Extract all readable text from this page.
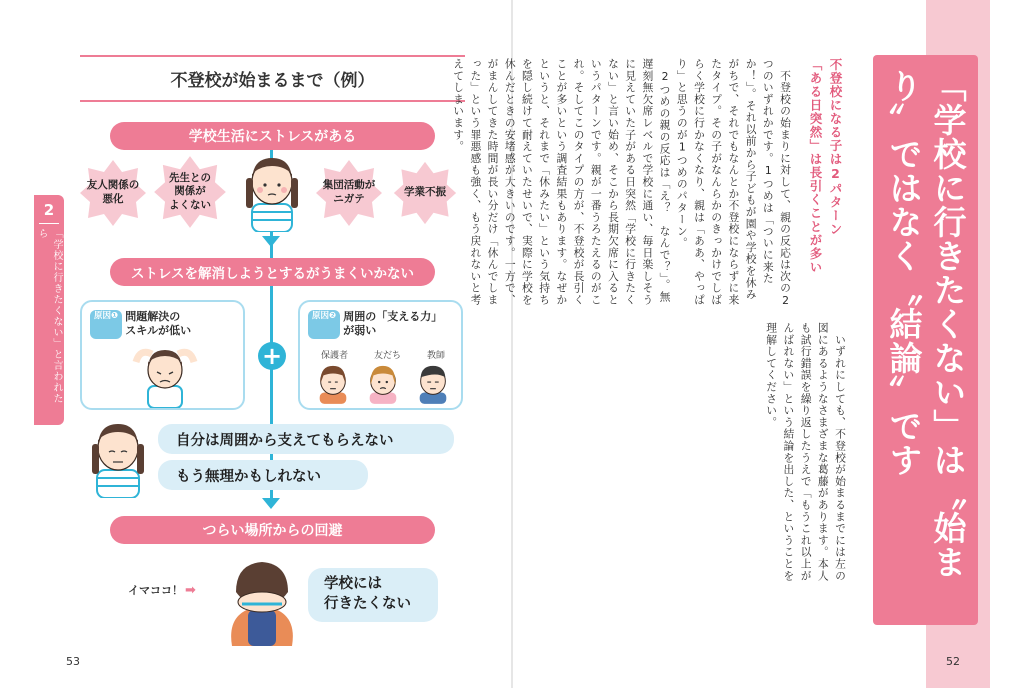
2
「学校に行きたくない」と言われたら
不登校が始まるまで（例）
学校生活にストレスがある
友人関係の
悪化
先生との
関係が
よくない
集団活動が
ニガテ
学業不振
ストレスを解消しようとするがうまくいかない
原因❶ 問題解決の
スキルが低い
+
原因❷ 周囲の「支える力」
が弱い
保護者	友だち	教師
自分は周囲から支えてもらえない
もう無理かもしれない
つらい場所からの回避
イマココ！ ➡	学校には
行きたくない
53
「学校に行きたくない」は〝始まり〟ではなく〝結論〟です
不登校になる子は2パターン
「ある日突然」は長引くことが多い

　不登校の始まりに対して、親の反応は次の2つのいずれかです。1つめは「ついに来たか！」。それ以前から子どもが園や学校を休みがちで、それでもなんとか不登校にならずに来たタイプ。その子がなんらかのきっかけでしばらく学校に行かなくなり、親は「ああ、やっぱり」と思うのが1つめのパターン。

　2つめの親の反応は「え？　なんで？」。無遅刻無欠席レベルで学校に通い、毎日楽しそうに見えていた子がある日突然「学校に行きたくない」と言い始め、そこから長期欠席に入るというパターンです。親が一番うろたえるのがこれ。そしてこのタイプの方が、不登校が長引くことが多いという調査結果もあります。なぜかというと、それまで「休みたい」という気持ちを隠し続けて耐えていたせいで、実際に学校を休んだときの安堵感が大きいのです。一方で、がまんしてきた時間が長い分だけ「休んでしまった」という罪悪感も強く、もう戻れないと考えてしまいます。

　いずれにしても、不登校が始まるまでには左の図にあるようなさまざまな葛藤があります。本人も試行錯誤を繰り返したうえで「もうこれ以上がんばれない」という結論を出した、ということを理解してください。

52
